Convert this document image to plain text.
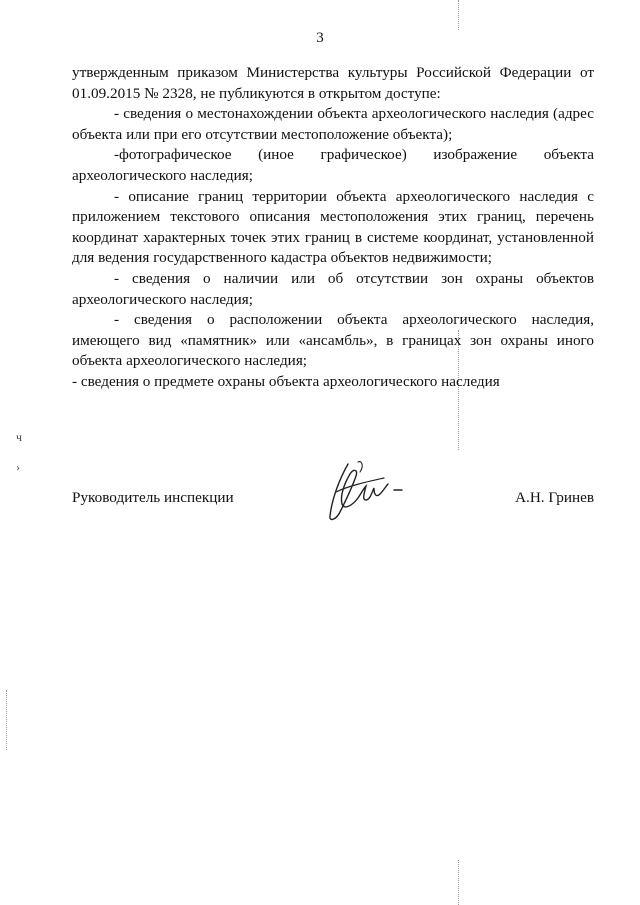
ч
›
3

утвержденным приказом Министерства культуры Российской Федерации от

01.09.2015 № 2328, не публикуются в открытом доступе:

- сведения о местонахождении объекта археологического наследия (адрес объекта или при его отсутствии местоположение объекта);

-фотографическое (иное графическое) изображение объекта археологического наследия;

- описание границ территории объекта археологического наследия с приложением текстового описания местоположения этих границ, перечень координат характерных точек этих границ в системе координат, установленной для ведения государственного кадастра объектов недвижимости;

- сведения о наличии или об отсутствии зон охраны объектов археологического наследия;

- сведения о расположении объекта археологического наследия, имеющего вид «памятник» или «ансамбль», в границах зон охраны иного объекта археологического наследия;

- сведения о предмете охраны объекта археологического наследия

Руководитель инспекции	А.Н. Гринев
